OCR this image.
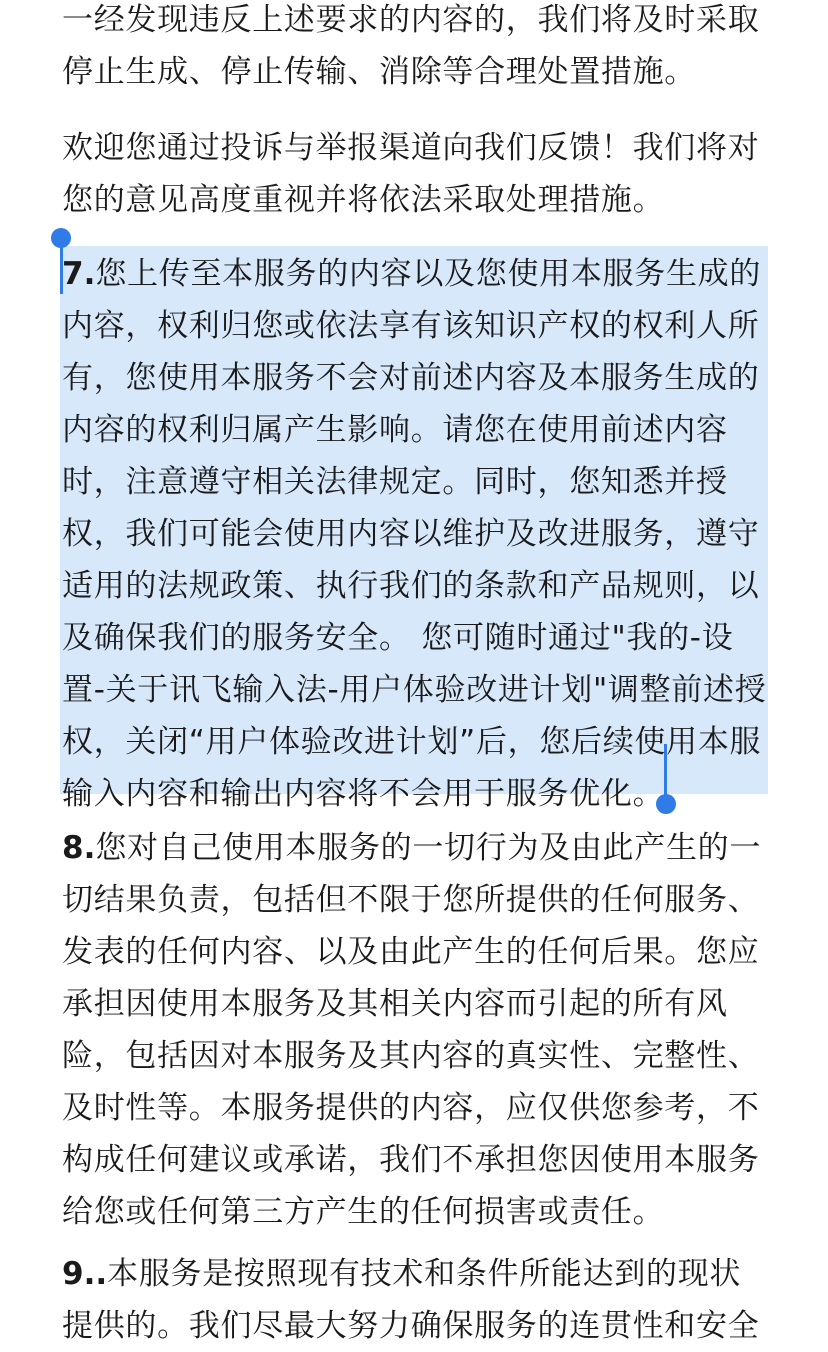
一经发现违反上述要求的内容的，我们将及时采取
停止生成、停止传输、消除等合理处置措施。
欢迎您通过投诉与举报渠道向我们反馈！我们将对
您的意见高度重视并将依法采取处理措施。
7.您上传至本服务的内容以及您使用本服务生成的
内容，权利归您或依法享有该知识产权的权利人所
有，您使用本服务不会对前述内容及本服务生成的
内容的权利归属产生影响。请您在使用前述内容
时，注意遵守相关法律规定。同时，您知悉并授
权，我们可能会使用内容以维护及改进服务，遵守
适用的法规政策、执行我们的条款和产品规则，以
及确保我们的服务安全。 您可随时通过"我的-设
置-关于讯飞输入法-用户体验改进计划"调整前述授
权，关闭“用户体验改进计划”后，您后续使用本服
输入内容和输出内容将不会用于服务优化。
8.您对自己使用本服务的一切行为及由此产生的一
切结果负责，包括但不限于您所提供的任何服务、
发表的任何内容、以及由此产生的任何后果。您应
承担因使用本服务及其相关内容而引起的所有风
险，包括因对本服务及其内容的真实性、完整性、
及时性等。本服务提供的内容，应仅供您参考，不
构成任何建议或承诺，我们不承担您因使用本服务
给您或任何第三方产生的任何损害或责任。
9..本服务是按照现有技术和条件所能达到的现状
提供的。我们尽最大努力确保服务的连贯性和安全
